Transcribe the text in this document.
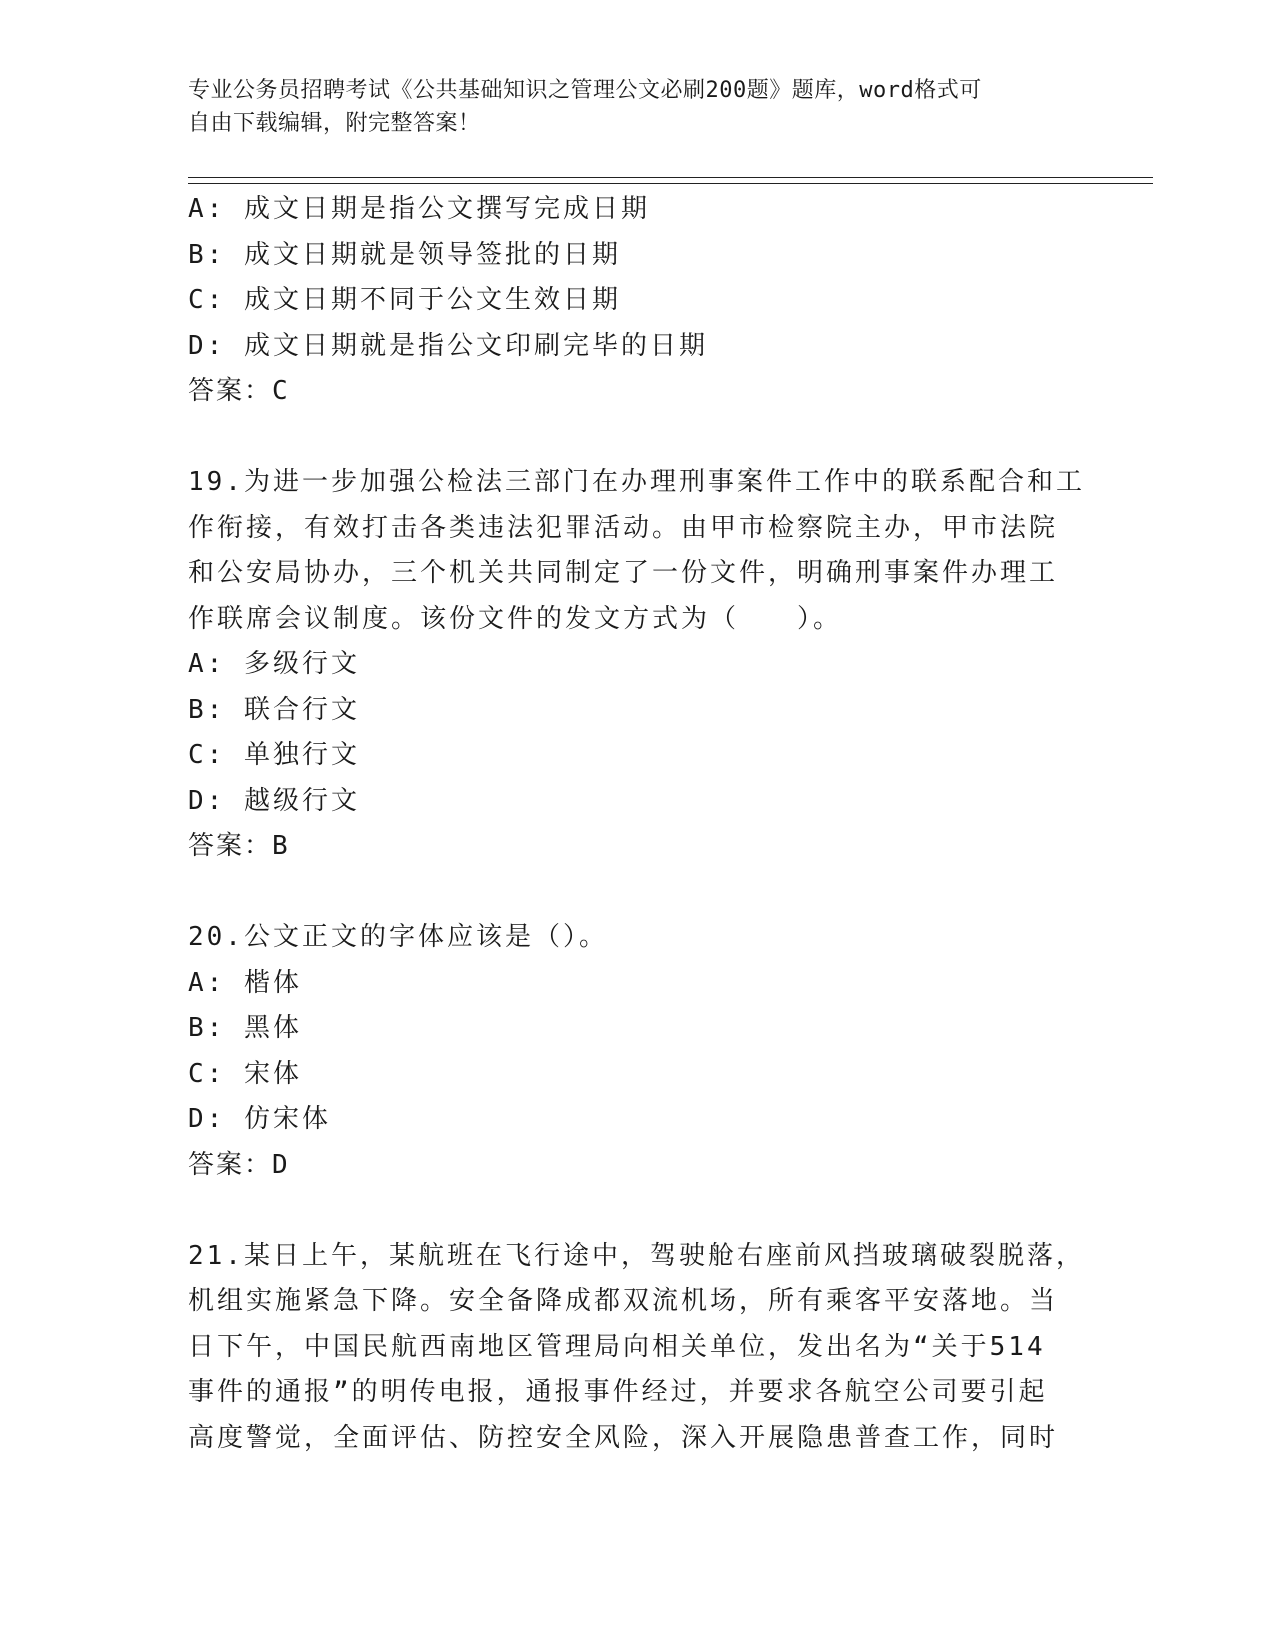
专业公务员招聘考试《公共基础知识之管理公文必刷200题》题库，word格式可
自由下载编辑，附完整答案！
A: 成文日期是指公文撰写完成日期
B: 成文日期就是领导签批的日期
C: 成文日期不同于公文生效日期
D: 成文日期就是指公文印刷完毕的日期
答案：C
19.为进一步加强公检法三部门在办理刑事案件工作中的联系配合和工
作衔接，有效打击各类违法犯罪活动。由甲市检察院主办，甲市法院
和公安局协办，三个机关共同制定了一份文件，明确刑事案件办理工
作联席会议制度。该份文件的发文方式为（　　）。
A: 多级行文
B: 联合行文
C: 单独行文
D: 越级行文
答案：B
20.公文正文的字体应该是（）。
A: 楷体
B: 黑体
C: 宋体
D: 仿宋体
答案：D
21.某日上午，某航班在飞行途中，驾驶舱右座前风挡玻璃破裂脱落，
机组实施紧急下降。安全备降成都双流机场，所有乘客平安落地。当
日下午，中国民航西南地区管理局向相关单位，发出名为“关于514
事件的通报”的明传电报，通报事件经过，并要求各航空公司要引起
高度警觉，全面评估、防控安全风险，深入开展隐患普查工作，同时
